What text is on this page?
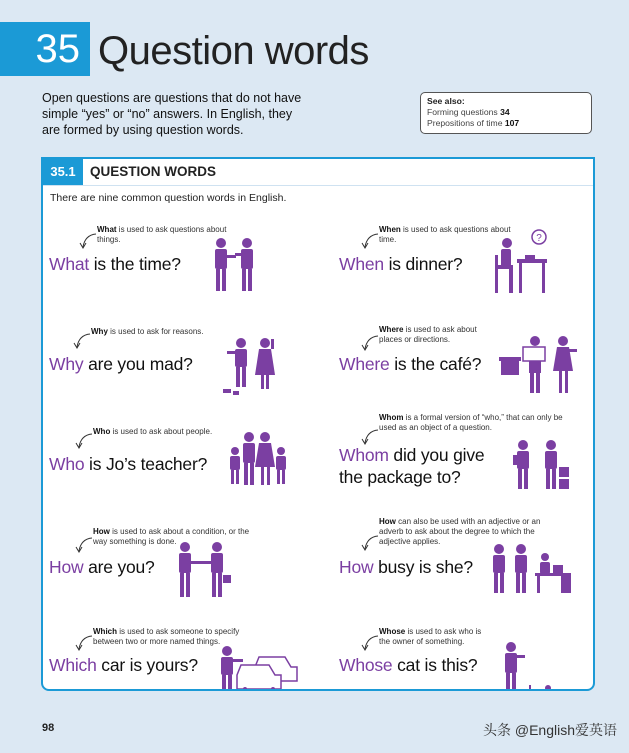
35 Question words
Open questions are questions that do not have simple “yes” or “no” answers. In English, they are formed by using question words.
See also:
Forming questions 34
Prepositions of time 107
35.1	QUESTION WORDS
There are nine common question words in English.
What is used to ask questions about things.
What is the time?
When is used to ask questions about time.
When is dinner?
?
Why is used to ask for reasons.
Why are you mad?
Where is used to ask about places or directions.
Where is the café?
Who is used to ask about people.
Who is Jo’s teacher?
Whom is a formal version of “who,” that can only be used as an object of a question.
Whom did you give
the package to?
How is used to ask about a condition, or the way something is done.
How are you?
How can also be used with an adjective or an adverb to ask about the degree to which the adjective applies.
How busy is she?
Which is used to ask someone to specify between two or more named things.
Which car is yours?
Whose is used to ask who is the owner of something.
Whose cat is this?
98	头条 @English爱英语
